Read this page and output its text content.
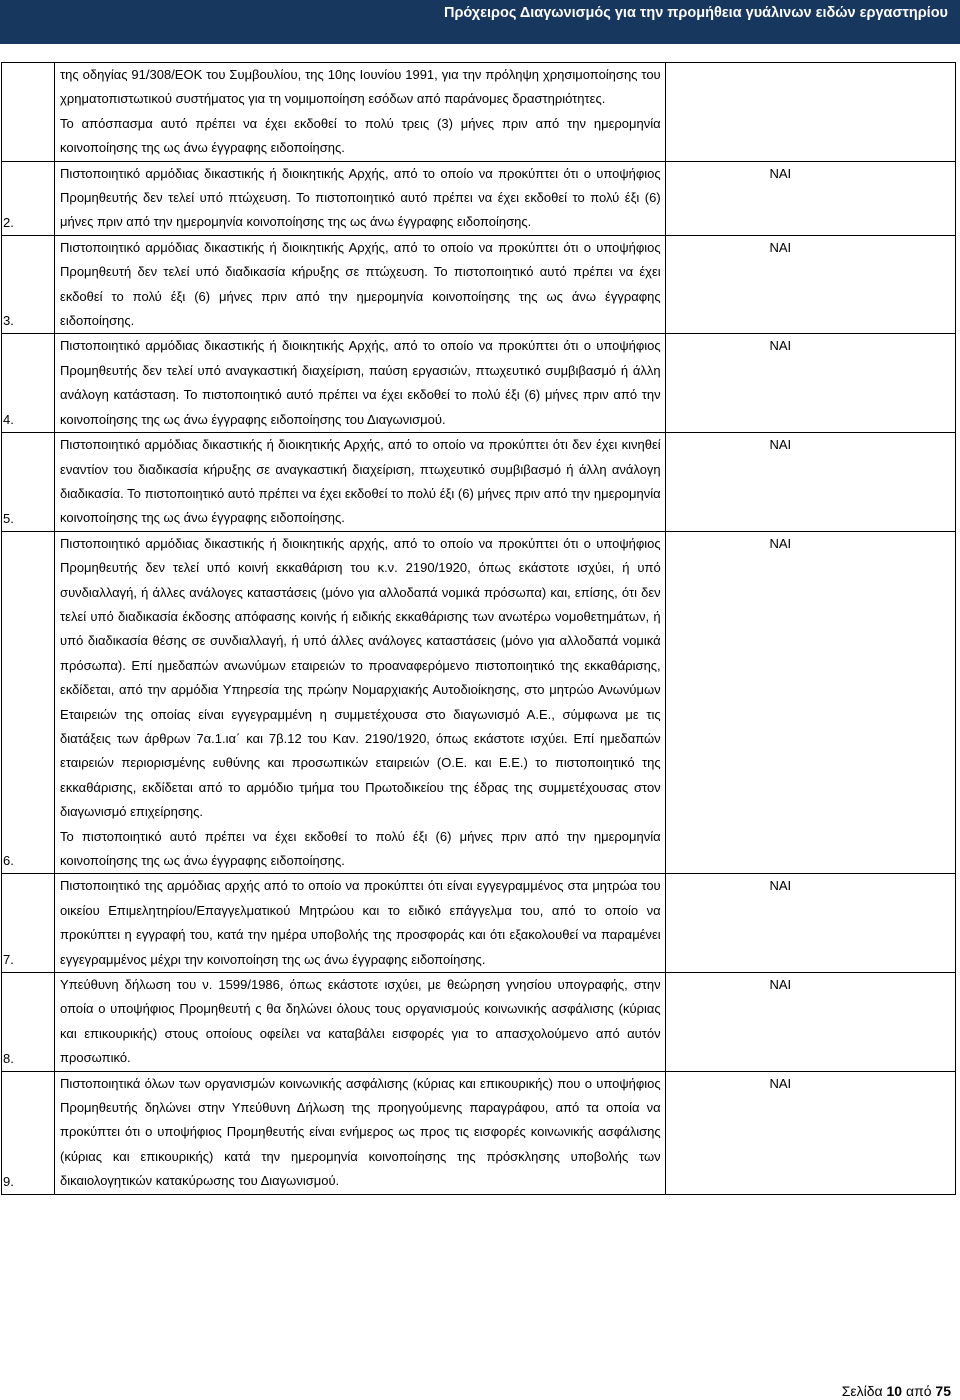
Πρόχειρος Διαγωνισμός για την προμήθεια γυάλινων ειδών εργαστηρίου

	της οδηγίας 91/308/ΕΟΚ του Συμβουλίου, της 10ης Ιουνίου 1991, για την πρόληψη χρησιμοποίησης του χρηματοπιστωτικού συστήματος για τη νομιμοποίηση εσόδων από παράνομες δραστηριότητες.

Το απόσπασμα αυτό πρέπει να έχει εκδοθεί το πολύ τρεις (3) μήνες πριν από την ημερομηνία κοινοποίησης της ως άνω έγγραφης ειδοποίησης.	

2.	Πιστοποιητικό αρμόδιας δικαστικής ή διοικητικής Αρχής, από το οποίο να προκύπτει ότι ο υποψήφιος Προμηθευτής δεν τελεί υπό πτώχευση. Το πιστοποιητικό αυτό πρέπει να έχει εκδοθεί το πολύ έξι (6) μήνες πριν από την ημερομηνία κοινοποίησης της ως άνω έγγραφης ειδοποίησης.	ΝΑΙ

3.	Πιστοποιητικό αρμόδιας δικαστικής ή διοικητικής Αρχής, από το οποίο να προκύπτει ότι ο υποψήφιος Προμηθευτή δεν τελεί υπό διαδικασία κήρυξης σε πτώχευση. Το πιστοποιητικό αυτό πρέπει να έχει εκδοθεί το πολύ έξι (6) μήνες πριν από την ημερομηνία κοινοποίησης της ως άνω έγγραφης ειδοποίησης.	ΝΑΙ

4.	Πιστοποιητικό αρμόδιας δικαστικής ή διοικητικής Αρχής, από το οποίο να προκύπτει ότι ο υποψήφιος Προμηθευτής δεν τελεί υπό αναγκαστική διαχείριση, παύση εργασιών, πτωχευτικό συμβιβασμό ή άλλη ανάλογη κατάσταση. Το πιστοποιητικό αυτό πρέπει να έχει εκδοθεί το πολύ έξι (6) μήνες πριν από την κοινοποίησης της ως άνω έγγραφης ειδοποίησης του Διαγωνισμού.	ΝΑΙ

5.	Πιστοποιητικό αρμόδιας δικαστικής ή διοικητικής Αρχής, από το οποίο να προκύπτει ότι δεν έχει κινηθεί εναντίον του διαδικασία κήρυξης σε αναγκαστική διαχείριση, πτωχευτικό συμβιβασμό ή άλλη ανάλογη διαδικασία. Το πιστοποιητικό αυτό πρέπει να έχει εκδοθεί το πολύ έξι (6) μήνες πριν από την ημερομηνία κοινοποίησης της ως άνω έγγραφης ειδοποίησης.	ΝΑΙ

6.	Πιστοποιητικό αρμόδιας δικαστικής ή διοικητικής αρχής, από το οποίο να προκύπτει ότι ο υποψήφιος Προμηθευτής δεν τελεί υπό κοινή εκκαθάριση του κ.ν. 2190/1920, όπως εκάστοτε ισχύει, ή υπό συνδιαλλαγή, ή άλλες ανάλογες καταστάσεις (μόνο για αλλοδαπά νομικά πρόσωπα) και, επίσης, ότι δεν τελεί υπό διαδικασία έκδοσης απόφασης κοινής ή ειδικής εκκαθάρισης των ανωτέρω νομοθετημάτων, ή υπό διαδικασία θέσης σε συνδιαλλαγή, ή υπό άλλες ανάλογες καταστάσεις (μόνο για αλλοδαπά νομικά πρόσωπα). Επί ημεδαπών ανωνύμων εταιρειών το προαναφερόμενο πιστοποιητικό της εκκαθάρισης, εκδίδεται, από την αρμόδια Υπηρεσία της πρώην Νομαρχιακής Αυτοδιοίκησης, στο μητρώο Ανωνύμων Εταιρειών της οποίας είναι εγγεγραμμένη η συμμετέχουσα στο διαγωνισμό Α.Ε., σύμφωνα με τις διατάξεις των άρθρων 7α.1.ια΄ και 7β.12 του Καν. 2190/1920, όπως εκάστοτε ισχύει. Επί ημεδαπών εταιρειών περιορισμένης ευθύνης και προσωπικών εταιρειών (Ο.Ε. και Ε.Ε.) το πιστοποιητικό της εκκαθάρισης, εκδίδεται από το αρμόδιο τμήμα του Πρωτοδικείου της έδρας της συμμετέχουσας στον διαγωνισμό επιχείρησης.

Το πιστοποιητικό αυτό πρέπει να έχει εκδοθεί το πολύ έξι (6) μήνες πριν από την ημερομηνία κοινοποίησης της ως άνω έγγραφης ειδοποίησης.	ΝΑΙ

7.	Πιστοποιητικό της αρμόδιας αρχής από το οποίο να προκύπτει ότι είναι εγγεγραμμένος στα μητρώα του οικείου Επιμελητηρίου/Επαγγελματικού Μητρώου και το ειδικό επάγγελμα του, από το οποίο να προκύπτει η εγγραφή του, κατά την ημέρα υποβολής της προσφοράς και ότι εξακολουθεί να παραμένει εγγεγραμμένος μέχρι την κοινοποίηση της ως άνω έγγραφης ειδοποίησης.	ΝΑΙ

8.	Υπεύθυνη δήλωση του ν. 1599/1986, όπως εκάστοτε ισχύει, με θεώρηση γνησίου υπογραφής, στην οποία ο υποψήφιος Προμηθευτή ς θα δηλώνει όλους τους οργανισμούς κοινωνικής ασφάλισης (κύριας και επικουρικής) στους οποίους οφείλει να καταβάλει εισφορές για το απασχολούμενο από αυτόν προσωπικό.	ΝΑΙ

9.	Πιστοποιητικά όλων των οργανισμών κοινωνικής ασφάλισης (κύριας και επικουρικής) που ο υποψήφιος Προμηθευτής δηλώνει στην Υπεύθυνη Δήλωση της προηγούμενης παραγράφου, από τα οποία να προκύπτει ότι ο υποψήφιος Προμηθευτής είναι ενήμερος ως προς τις εισφορές κοινωνικής ασφάλισης (κύριας και επικουρικής) κατά την ημερομηνία κοινοποίησης της πρόσκλησης υποβολής των δικαιολογητικών κατακύρωσης του Διαγωνισμού.	ΝΑΙ
Σελίδα 10 από 75
